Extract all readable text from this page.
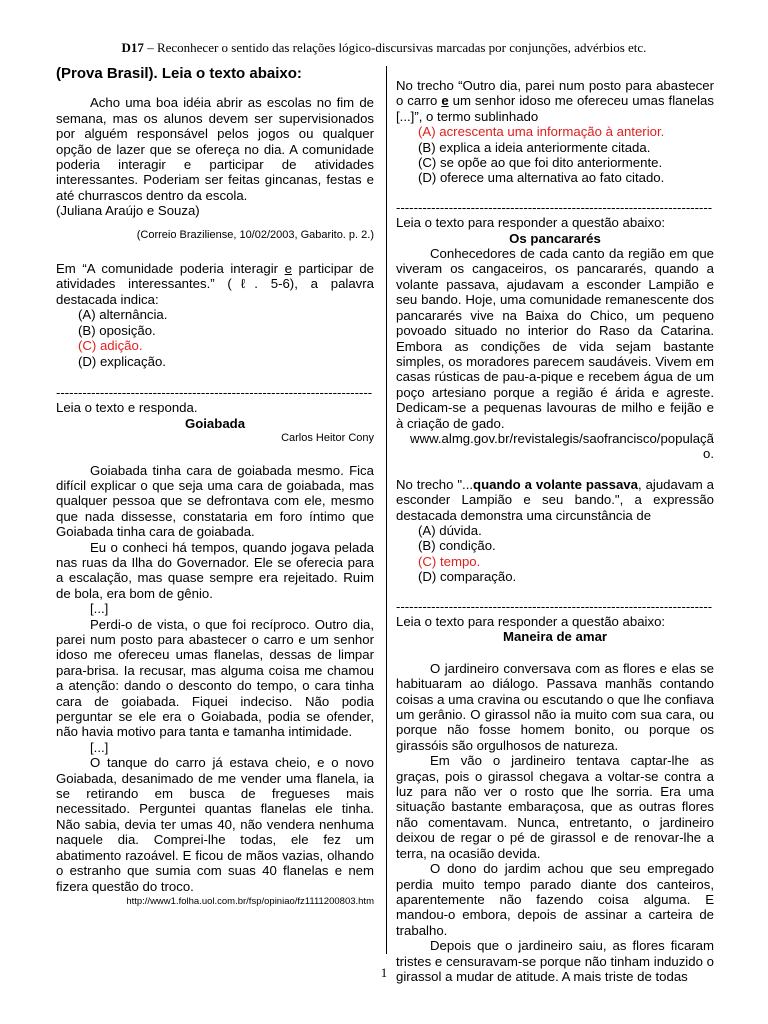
D17 – Reconhecer o sentido das relações lógico-discursivas marcadas por conjunções, advérbios etc.
(Prova Brasil). Leia o texto abaixo:
Acho uma boa idéia abrir as escolas no fim de semana, mas os alunos devem ser supervisionados por alguém responsável pelos jogos ou qualquer opção de lazer que se ofereça no dia. A comunidade poderia interagir e participar de atividades interessantes. Poderiam ser feitas gincanas, festas e até churrascos dentro da escola.
(Juliana Araújo e Souza)
(Correio Braziliense, 10/02/2003, Gabarito. p. 2.)
Em “A comunidade poderia interagir e participar de atividades interessantes.” (ℓ. 5-6), a palavra destacada indica:
(A) alternância.
(B) oposição.
(C) adição.
(D) explicação.
------------------------------------------------------------------------
Leia o texto e responda.
Goiabada
Carlos Heitor Cony
Goiabada tinha cara de goiabada mesmo. Fica difícil explicar o que seja uma cara de goiabada, mas qualquer pessoa que se defrontava com ele, mesmo que nada dissesse, constataria em foro íntimo que Goiabada tinha cara de goiabada.
Eu o conheci há tempos, quando jogava pelada nas ruas da Ilha do Governador. Ele se oferecia para a escalação, mas quase sempre era rejeitado. Ruim de bola, era bom de gênio.
[...]
Perdi-o de vista, o que foi recíproco. Outro dia, parei num posto para abastecer o carro e um senhor idoso me ofereceu umas flanelas, dessas de limpar para-brisa. Ia recusar, mas alguma coisa me chamou a atenção: dando o desconto do tempo, o cara tinha cara de goiabada. Fiquei indeciso. Não podia perguntar se ele era o Goiabada, podia se ofender, não havia motivo para tanta e tamanha intimidade.
[...]
O tanque do carro já estava cheio, e o novo Goiabada, desanimado de me vender uma flanela, ia se retirando em busca de fregueses mais necessitado. Perguntei quantas flanelas ele tinha. Não sabia, devia ter umas 40, não vendera nenhuma naquele dia. Comprei-lhe todas, ele fez um abatimento razoável. E ficou de mãos vazias, olhando o estranho que sumia com suas 40 flanelas e nem fizera questão do troco.
http://www1.folha.uol.com.br/fsp/opiniao/fz1111200803.htm
No trecho “Outro dia, parei num posto para abastecer o carro e um senhor idoso me ofereceu umas flanelas [...]”, o termo sublinhado
(A) acrescenta uma informação à anterior.
(B) explica a ideia anteriormente citada.
(C) se opõe ao que foi dito anteriormente.
(D) oferece uma alternativa ao fato citado.
------------------------------------------------------------------------
Leia o texto para responder a questão abaixo:
Os pancararés
Conhecedores de cada canto da região em que viveram os cangaceiros, os pancararés, quando a volante passava, ajudavam a esconder Lampião e seu bando. Hoje, uma comunidade remanescente dos pancararés vive na Baixa do Chico, um pequeno povoado situado no interior do Raso da Catarina. Embora as condições de vida sejam bastante simples, os moradores parecem saudáveis. Vivem em casas rústicas de pau-a-pique e recebem água de um poço artesiano porque a região é árida e agreste. Dedicam-se a pequenas lavouras de milho e feijão e à criação de gado.
www.almg.gov.br/revistalegis/saofrancisco/populaçã o.
No trecho "...quando a volante passava, ajudavam a esconder Lampião e seu bando.", a expressão destacada demonstra uma circunstância de
(A) dúvida.
(B) condição.
(C) tempo.
(D) comparação.
------------------------------------------------------------------------
Leia o texto para responder a questão abaixo:
Maneira de amar
O jardineiro conversava com as flores e elas se habituaram ao diálogo. Passava manhãs contando coisas a uma cravina ou escutando o que lhe confiava um gerânio. O girassol não ia muito com sua cara, ou porque não fosse homem bonito, ou porque os girassóis são orgulhosos de natureza.
Em vão o jardineiro tentava captar-lhe as graças, pois o girassol chegava a voltar-se contra a luz para não ver o rosto que lhe sorria. Era uma situação bastante embaraçosa, que as outras flores não comentavam. Nunca, entretanto, o jardineiro deixou de regar o pé de girassol e de renovar-lhe a terra, na ocasião devida.
O dono do jardim achou que seu empregado perdia muito tempo parado diante dos canteiros, aparentemente não fazendo coisa alguma. E mandou-o embora, depois de assinar a carteira de trabalho.
Depois que o jardineiro saiu, as flores ficaram tristes e censuravam-se porque não tinham induzido o girassol a mudar de atitude. A mais triste de todas
1
